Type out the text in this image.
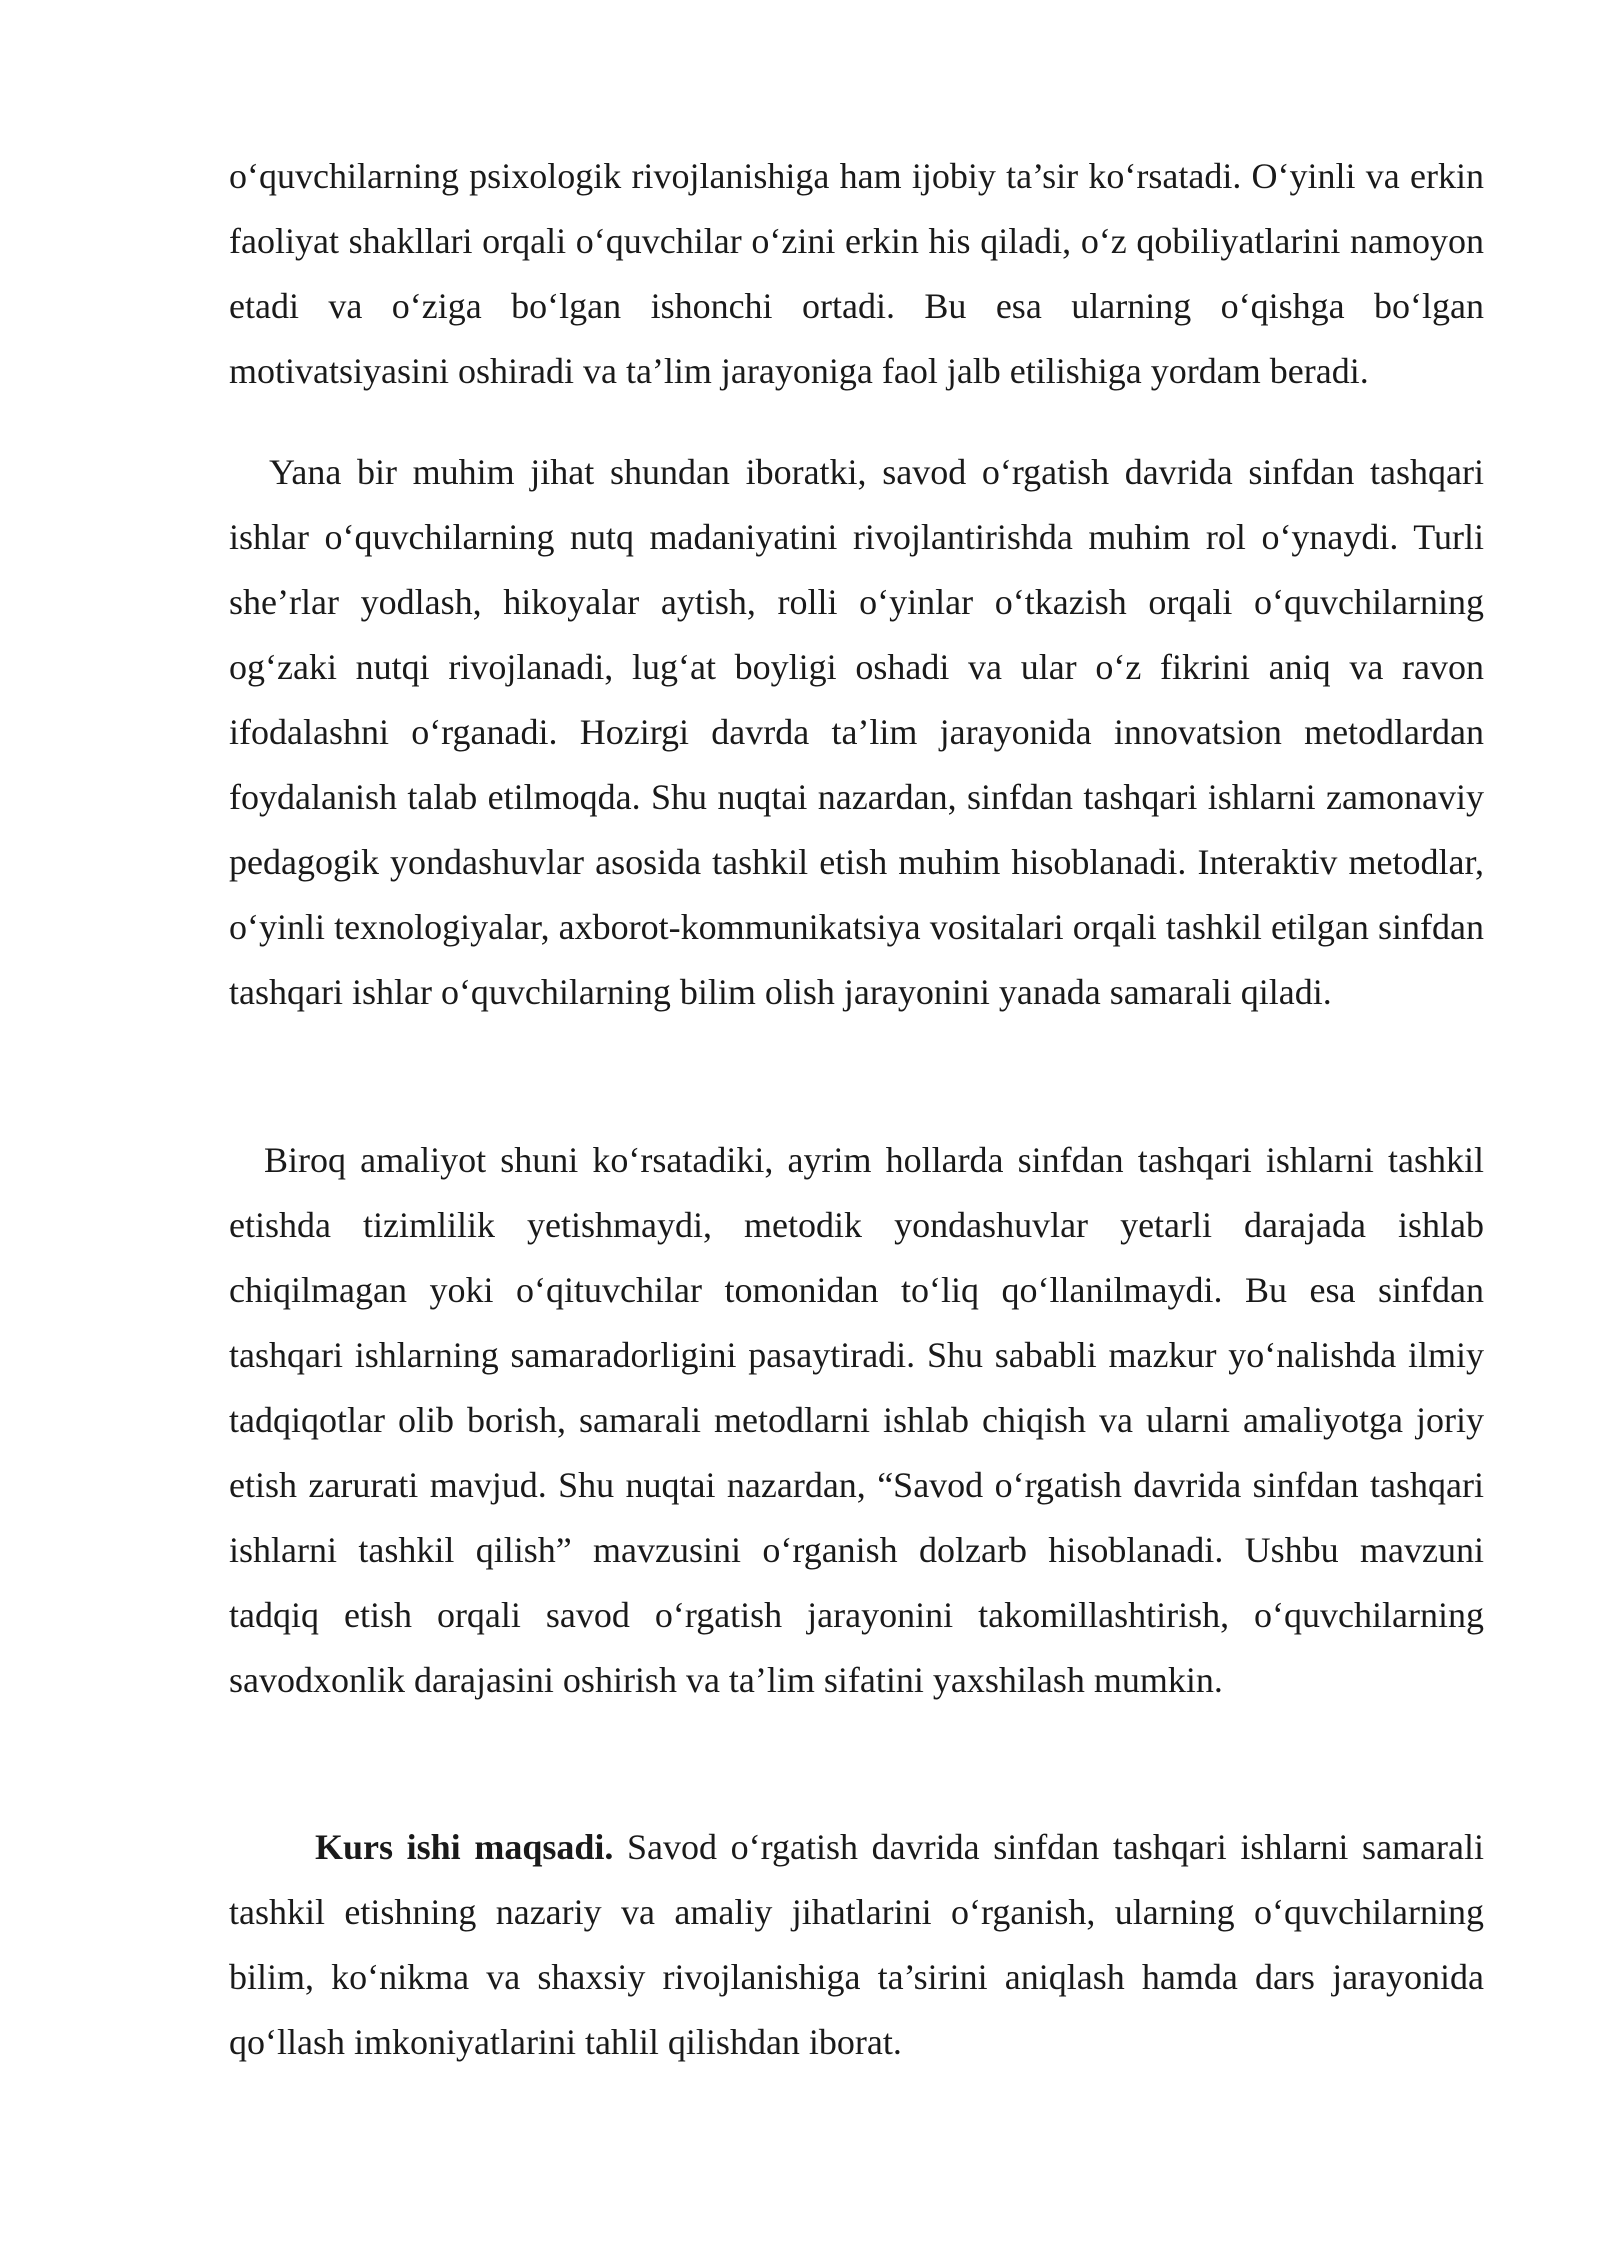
o‘quvchilarning psixologik rivojlanishiga ham ijobiy ta’sir ko‘rsatadi. O‘yinli va erkin faoliyat shakllari orqali o‘quvchilar o‘zini erkin his qiladi, o‘z qobiliyatlarini namoyon etadi va o‘ziga bo‘lgan ishonchi ortadi. Bu esa ularning o‘qishga bo‘lgan motivatsiyasini oshiradi va ta’lim jarayoniga faol jalb etilishiga yordam beradi.

Yana bir muhim jihat shundan iboratki, savod o‘rgatish davrida sinfdan tashqari ishlar o‘quvchilarning nutq madaniyatini rivojlantirishda muhim rol o‘ynaydi. Turli she’rlar yodlash, hikoyalar aytish, rolli o‘yinlar o‘tkazish orqali o‘quvchilarning og‘zaki nutqi rivojlanadi, lug‘at boyligi oshadi va ular o‘z fikrini aniq va ravon ifodalashni o‘rganadi. Hozirgi davrda ta’lim jarayonida innovatsion metodlardan foydalanish talab etilmoqda. Shu nuqtai nazardan, sinfdan tashqari ishlarni zamonaviy pedagogik yondashuvlar asosida tashkil etish muhim hisoblanadi. Interaktiv metodlar, o‘yinli texnologiyalar, axborot-kommunikatsiya vositalari orqali tashkil etilgan sinfdan tashqari ishlar o‘quvchilarning bilim olish jarayonini yanada samarali qiladi.

Biroq amaliyot shuni ko‘rsatadiki, ayrim hollarda sinfdan tashqari ishlarni tashkil etishda tizimlilik yetishmaydi, metodik yondashuvlar yetarli darajada ishlab chiqilmagan yoki o‘qituvchilar tomonidan to‘liq qo‘llanilmaydi. Bu esa sinfdan tashqari ishlarning samaradorligini pasaytiradi. Shu sababli mazkur yo‘nalishda ilmiy tadqiqotlar olib borish, samarali metodlarni ishlab chiqish va ularni amaliyotga joriy etish zarurati mavjud. Shu nuqtai nazardan, “Savod o‘rgatish davrida sinfdan tashqari ishlarni tashkil qilish” mavzusini o‘rganish dolzarb hisoblanadi. Ushbu mavzuni tadqiq etish orqali savod o‘rgatish jarayonini takomillashtirish, o‘quvchilarning savodxonlik darajasini oshirish va ta’lim sifatini yaxshilash mumkin.

Kurs ishi maqsadi. Savod o‘rgatish davrida sinfdan tashqari ishlarni samarali tashkil etishning nazariy va amaliy jihatlarini o‘rganish, ularning o‘quvchilarning bilim, ko‘nikma va shaxsiy rivojlanishiga ta’sirini aniqlash hamda dars jarayonida qo‘llash imkoniyatlarini tahlil qilishdan iborat.
